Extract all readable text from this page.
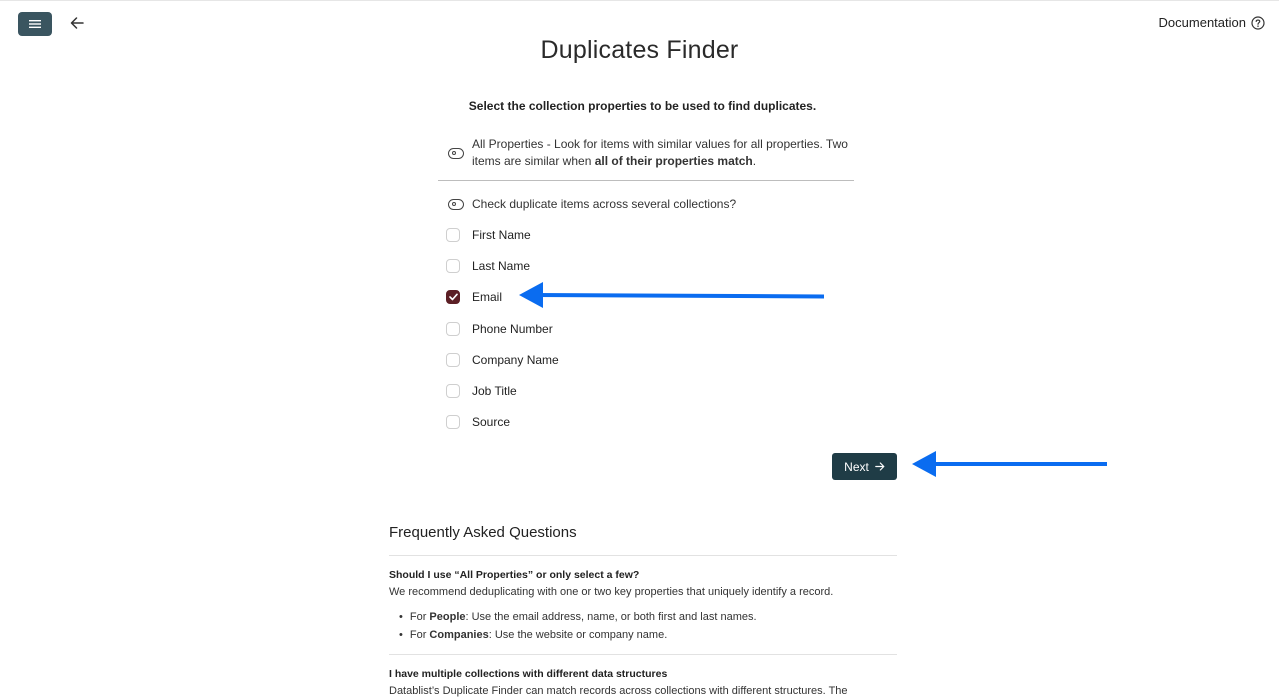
Documentation
Duplicates Finder
Select the collection properties to be used to find duplicates.
All Properties - Look for items with similar values for all properties. Two items are similar when all of their properties match.
Check duplicate items across several collections?
First Name
Last Name
Email
Phone Number
Company Name
Job Title
Source
Next
Frequently Asked Questions
Should I use “All Properties” or only select a few?
We recommend deduplicating with one or two key properties that uniquely identify a record.
• For People: Use the email address, name, or both first and last names.
• For Companies: Use the website or company name.
I have multiple collections with different data structures
Datablist’s Duplicate Finder can match records across collections with different structures. The
